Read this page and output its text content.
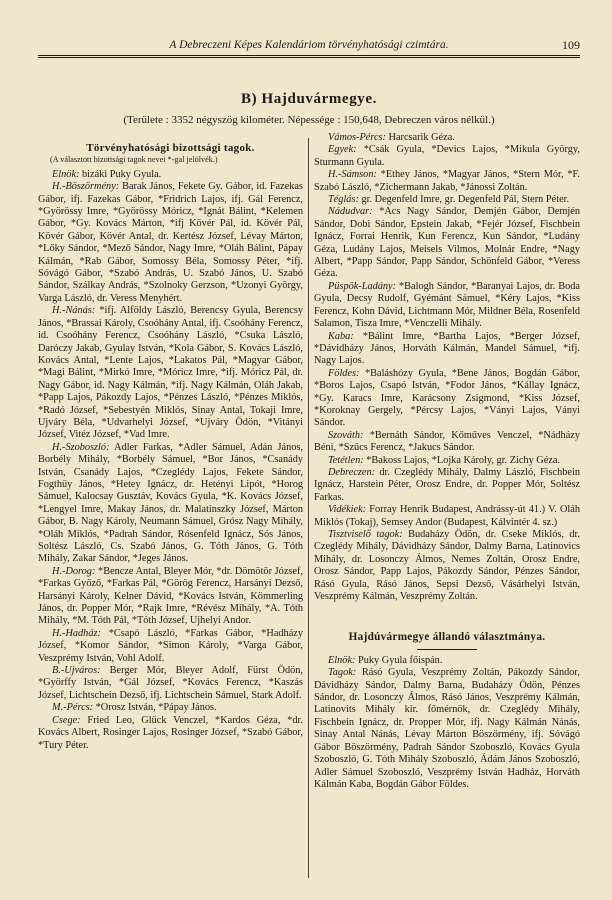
A Debreczeni Képes Kalendáriom törvényhatósági czimtára.	109
B) Hajduvármegye.
(Területe : 3352 négyszög kilométer. Népessége : 150,648, Debreczen város nélkül.)
Törvényhatósági bizottsági tagok.
(A választott bizottsági tagok nevei *-gal jelölvék.)

Elnök: bizáki Puky Gyula.

H.-Böszörmény: Barak János, Fekete Gy. Gábor, id. Fazekas Gábor, ifj. Fazekas Gábor, *Fridrich Lajos, ifj. Gál Ferencz, *Györössy Imre, *Györössy Móricz, *Ignát Bálint, *Kelemen Gábor, *Gy. Kovács Márton, *ifj Kövér Pál, id. Kövér Pál, Kövér Gábor, Kövér Antal, dr. Kertész József, Lévay Márton, *Lőky Sándor, *Mező Sándor, Nagy Imre, *Oláh Bálint, Pápay Kálmán, *Rab Gábor, Somossy Béla, Somossy Péter, *ifj. Sóvágó Gábor, *Szabó András, U. Szabó János, U. Szabó Sándor, Szálkay András, *Szolnoky Gerzson, *Uzonyi György, Varga László, dr. Veress Menyhért.

H.-Nánás: *ifj. Alföldy László, Berencsy Gyula, Berencsy János, *Brassai Károly, Csoóhány Antal, ifj. Csoóhány Ferencz, id. Csoóhány Ferencz, Csoóhány László, *Csuka László, Daróczy Jakab, Gyulay István, *Kola Gábor, S. Kovács László, Kovács Antal, *Lente Lajos, *Lakatos Pál, *Magyar Gábor, *Magi Bálint, *Mirkó Imre, *Móricz Imre, *ifj. Móricz Pál, dr. Nagy Gábor, id. Nagy Kálmán, *ifj. Nagy Kálmán, Oláh Jakab, *Papp Lajos, Pákozdy Lajos, *Pénzes László, *Pénzes Miklós, *Radó József, *Sebestyén Miklós, Sinay Antal, Tokaji Imre, Ujváry Béla, *Udvarhelyi József, *Ujváry Ödön, *Vitányi József, Vitéz József, *Vad Imre.

H.-Szoboszló: Adler Farkas, *Adler Sámuel, Adán János, Borbély Mihály, *Borbély Sámuel, *Bor János, *Csanády István, Csanády Lajos, *Czeglédy Lajos, Fekete Sándor, Fogthűy János, *Hetey Ignácz, dr. Hetényi Lipót, *Horog Sámuel, Kalocsay Gusztáv, Kovács Gyula, *K. Kovács József, *Lengyel Imre, Makay János, dr. Malatinszky József, Márton Gábor, B. Nagy Károly, Neumann Sámuel, Grósz Nagy Mihály, *Oláh Miklós, *Padrah Sándor, Rósenfeld Ignácz, Sós János, Soltész László, Cs. Szabó János, G. Tóth János, G. Tóth Mihály, Zakar Sándor, *Jeges János.

H.-Dorog: *Bencze Antal, Bleyer Mór, *dr. Dömötör József, *Farkas Győző, *Farkas Pál, *Görög Ferencz, Harsányi Dezső, Harsányi Károly, Kelner Dávid, *Kovács István, Kömmerling János, dr. Popper Mór, *Rajk Imre, *Révész Mihály, *A. Tóth Mihály, *M. Tóth Pál, *Tóth József, Ujhelyi Andor.

H.-Hadház: *Csapó László, *Farkas Gábor, *Hadházy József, *Komor Sándor, *Simon Károly, *Varga Gábor, Veszprémy István, Vohl Adolf.

B.-Ujváros: Berger Mór, Bleyer Adolf, Fürst Ödön, *Györffy István, *Gál József, *Kovács Ferencz, *Kaszás József, Lichtschein Dezső, ifj. Lichtschein Sámuel, Stark Adolf.

M.-Pércs: *Orosz István, *Pápay János.

Csege: Fried Leo, Glück Venczel, *Kardos Géza, *dr. Kovács Albert, Rosinger Lajos, Rosinger József, *Szabó Gábor, *Tury Péter.

Vámos-Pércs: Harcsarik Géza.

Egyek: *Csák Gyula, *Devics Lajos, *Mikula György, Sturmann Gyula.

H.-Sámson: *Ethey János, *Magyar János, *Stern Mór, *F. Szabó László, *Zichermann Jakab, *Jánossi Zoltán.

Téglás: gr. Degenfeld Imre, gr. Degenfeld Pál, Stern Péter.

Nádudvar: *Acs Nagy Sándor, Demjén Gábor, Demjén Sándor, Dobi Sándor, Epstein Jakab, *Fejér József, Fischbein Ignácz, Forrai Henrik, Kun Ferencz, Kun Sándor, *Ludány Géza, Ludány Lajos, Meisels Vilmos, Molnár Endre, *Nagy Albert, *Papp Sándor, Papp Sándor, Schönfeld Gábor, *Veress Géza.

Püspök-Ladány: *Balogh Sándor, *Baranyai Lajos, dr. Boda Gyula, Decsy Rudolf, Gyémánt Sámuel, *Kéry Lajos, *Kiss Ferencz, Kohn Dávid, Lichtmann Mór, Mildner Béla, Rosenfeld Salamon, Tisza Imre, *Venczelli Mihály.

Kaba: *Bálint Imre, *Bartha Lajos, *Berger József, *Dávidházy János, Horváth Kálmán, Mandel Sámuel, *ifj. Nagy Lajos.

Földes: *Baláshózy Gyula, *Bene János, Bogdán Gábor, *Boros Lajos, Csapó István, *Fodor János, *Kállay Ignácz, *Gy. Karacs Imre, Karácsony Zsigmond, *Kiss József, *Koroknay Gergely, *Pércsy Lajos, *Ványi Lajos, Ványi Sándor.

Szováth: *Bernáth Sándor, Kőműves Venczel, *Nádházy Béni, *Szűcs Ferencz, *Jakucs Sándor.

Tetétlen: *Bakoss Lajos, *Lojka Károly, gr. Zichy Géza.

Debreczen: dr. Czeglédy Mihály, Dalmy László, Fischbein Ignácz, Harstein Péter, Orosz Endre, dr. Popper Mór, Soltész Farkas.

Vidékiek: Forray Henrik Budapest, Andrássy-út 41.) V. Oláh Miklós (Tokaj), Semsey Andor (Budapest, Kálvintér 4. sz.)

Tisztviselő tagok: Budaházy Ödön, dr. Cseke Miklós, dr. Czeglédy Mihály, Dávidházy Sándor, Dalmy Barna, Latinovics Mihály, dr. Losonczy Álmos, Nemes Zoltán, Orosz Endre, Orosz Sándor, Papp Lajos, Pákozdy Sándor, Pénzes Sándor, Rásó Gyula, Rásó János, Sepsi Dezső, Vásárhelyi István, Veszprémy Kálmán, Veszprémy Zoltán.

Hajdúvármegye állandó választmánya.

Elnök: Puky Gyula főispán.

Tagok: Rásó Gyula, Veszprémy Zoltán, Pákozdy Sándor, Dávidházy Sándor, Dalmy Barna, Budaházy Ödön, Pénzes Sándor, dr. Losonczy Álmos, Rásó János, Veszprémy Kálmán, Latinovits Mihály kir. főmérnök, dr. Czeglédy Mihály, Fischbein Ignácz, dr. Propper Mór, ifj. Nagy Kálmán Nánás, Sinay Antal Nánás, Lévay Márton Böszörmény, ifj. Sóvágó Gábor Böszörmény, Padrah Sándor Szoboszló, Kovács Gyula Szoboszló, G. Tóth Mihály Szoboszló, Ádám János Szoboszló, Adler Sámuel Szoboszló, Veszprémy István Hadház, Horváth Kálmán Kaba, Bogdán Gábor Földes.
